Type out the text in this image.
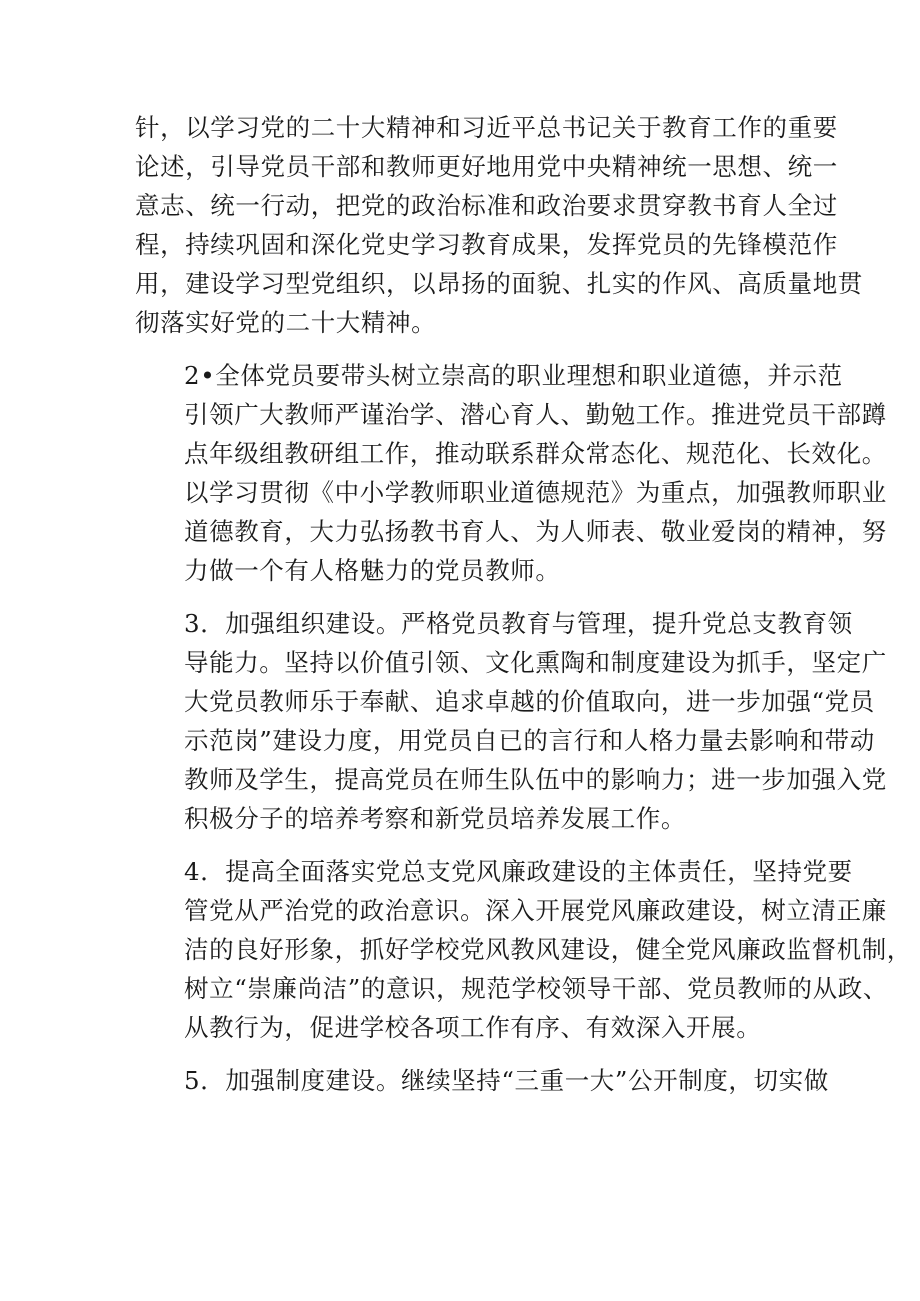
针，以学习党的二十大精神和习近平总书记关于教育工作的重要
论述，引导党员干部和教师更好地用党中央精神统一思想、统一
意志、统一行动，把党的政治标准和政治要求贯穿教书育人全过
程，持续巩固和深化党史学习教育成果，发挥党员的先锋模范作
用，建设学习型党组织，以昂扬的面貌、扎实的作风、高质量地贯
彻落实好党的二十大精神。

2•全体党员要带头树立崇高的职业理想和职业道德，并示范
引领广大教师严谨治学、潜心育人、勤勉工作。推进党员干部蹲
点年级组教研组工作，推动联系群众常态化、规范化、长效化。
以学习贯彻《中小学教师职业道德规范》为重点，加强教师职业
道德教育，大力弘扬教书育人、为人师表、敬业爱岗的精神，努
力做一个有人格魅力的党员教师。

3．加强组织建设。严格党员教育与管理，提升党总支教育领
导能力。坚持以价值引领、文化熏陶和制度建设为抓手，坚定广
大党员教师乐于奉献、追求卓越的价值取向，进一步加强“党员
示范岗”建设力度，用党员自已的言行和人格力量去影响和带动
教师及学生，提高党员在师生队伍中的影响力；进一步加强入党
积极分子的培养考察和新党员培养发展工作。

4．提高全面落实党总支党风廉政建设的主体责任，坚持党要
管党从严治党的政治意识。深入开展党风廉政建设，树立清正廉
洁的良好形象，抓好学校党风教风建设，健全党风廉政监督机制，
树立“崇廉尚洁”的意识，规范学校领导干部、党员教师的从政、
从教行为，促进学校各项工作有序、有效深入开展。

5．加强制度建设。继续坚持“三重一大”公开制度，切实做
